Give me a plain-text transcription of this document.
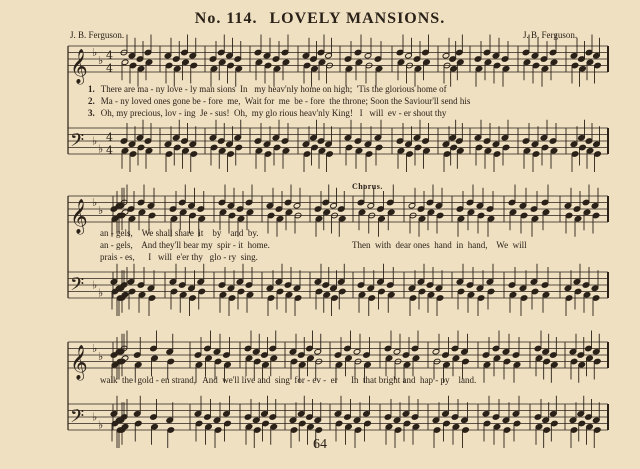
No. 114. LOVELY MANSIONS.
J. B. Ferguson.	J. B. Ferguson.
𝄞
𝄢
♭
♭
♭
♭
4
4
4
4
𝄞
𝄢
♭
♭
♭
♭
𝄞
𝄢
♭
♭
♭
♭
1. There are ma - ny love - ly man sions  In   my heav'nly home on high;  'Tis the glorious home of
2. Ma - ny loved ones gone be - fore  me,  Wait for  me  be - fore  the throne; Soon the Saviour'll send his
3. Oh, my precious, lov - ing  Je - sus!  Oh,  my glo rious heav'nly King!   I   will  ev - er shout thy
Chorus.
an - gels,    We shall share  it    by    and  by.
an - gels,    And they'll bear my  spir - it  home.
prais - es,      I   will  e'er thy   glo - ry  sing.
Then  with  dear ones  hand  in  hand,    We  will
walk  the  gold - en strand,   And  we'll live and  sing  for - ev -  er      In  that bright and  hap - py    land.
64
